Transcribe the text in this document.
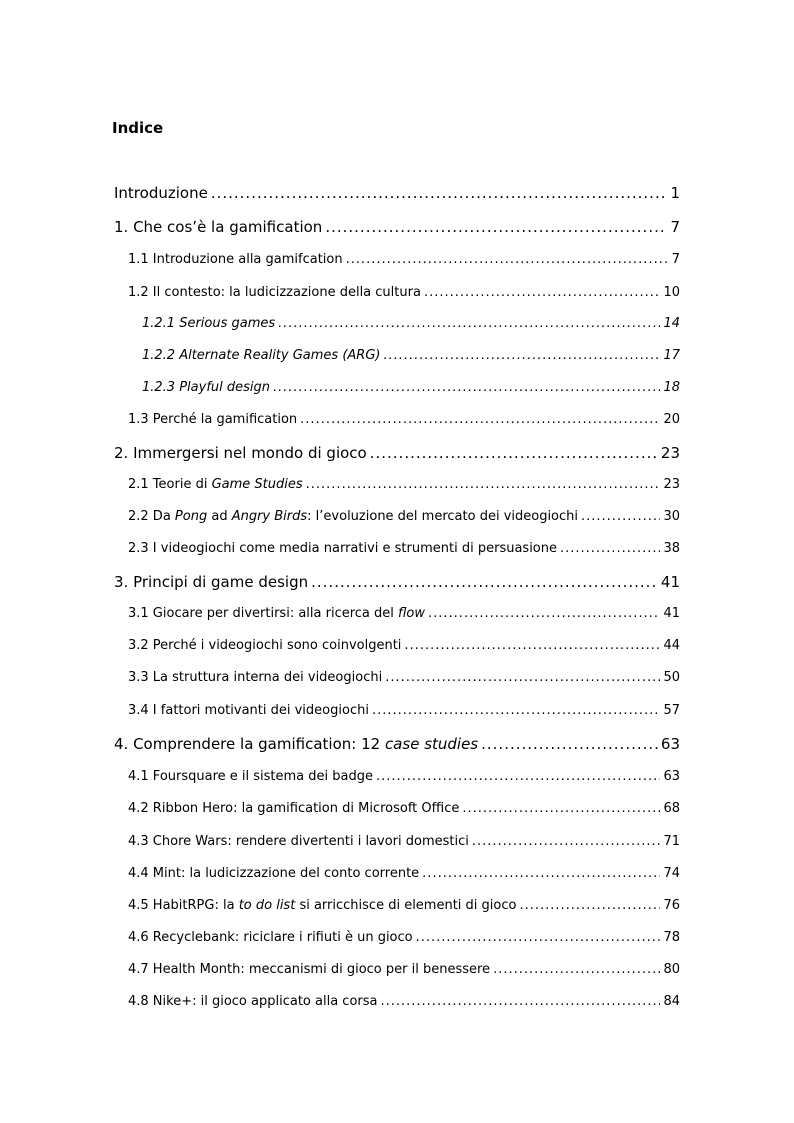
Indice
Introduzione .....	1
1. Che cos’è la gamification .....	7
1.1 Introduzione alla gamifcation .....	7
1.2 Il contesto: la ludicizzazione della cultura .....	10
1.2.1 Serious games .....	14
1.2.2 Alternate Reality Games (ARG) .....	17
1.2.3 Playful design .....	18
1.3 Perché la gamification .....	20
2. Immergersi nel mondo di gioco .....	23
2.1 Teorie di Game Studies .....	23
2.2 Da Pong ad Angry Birds: l’evoluzione del mercato dei videogiochi .....	30
2.3 I videogiochi come media narrativi e strumenti di persuasione .....	38
3. Principi di game design .....	41
3.1 Giocare per divertirsi: alla ricerca del flow .....	41
3.2 Perché i videogiochi sono coinvolgenti .....	44
3.3 La struttura interna dei videogiochi .....	50
3.4 I fattori motivanti dei videogiochi .....	57
4. Comprendere la gamification: 12 case studies .....	63
4.1 Foursquare e il sistema dei badge .....	63
4.2 Ribbon Hero: la gamification di Microsoft Office .....	68
4.3 Chore Wars: rendere divertenti i lavori domestici .....	71
4.4 Mint: la ludicizzazione del conto corrente .....	74
4.5 HabitRPG: la to do list si arricchisce di elementi di gioco .....	76
4.6 Recyclebank: riciclare i rifiuti è un gioco .....	78
4.7 Health Month: meccanismi di gioco per il benessere .....	80
4.8 Nike+: il gioco applicato alla corsa .....	84
